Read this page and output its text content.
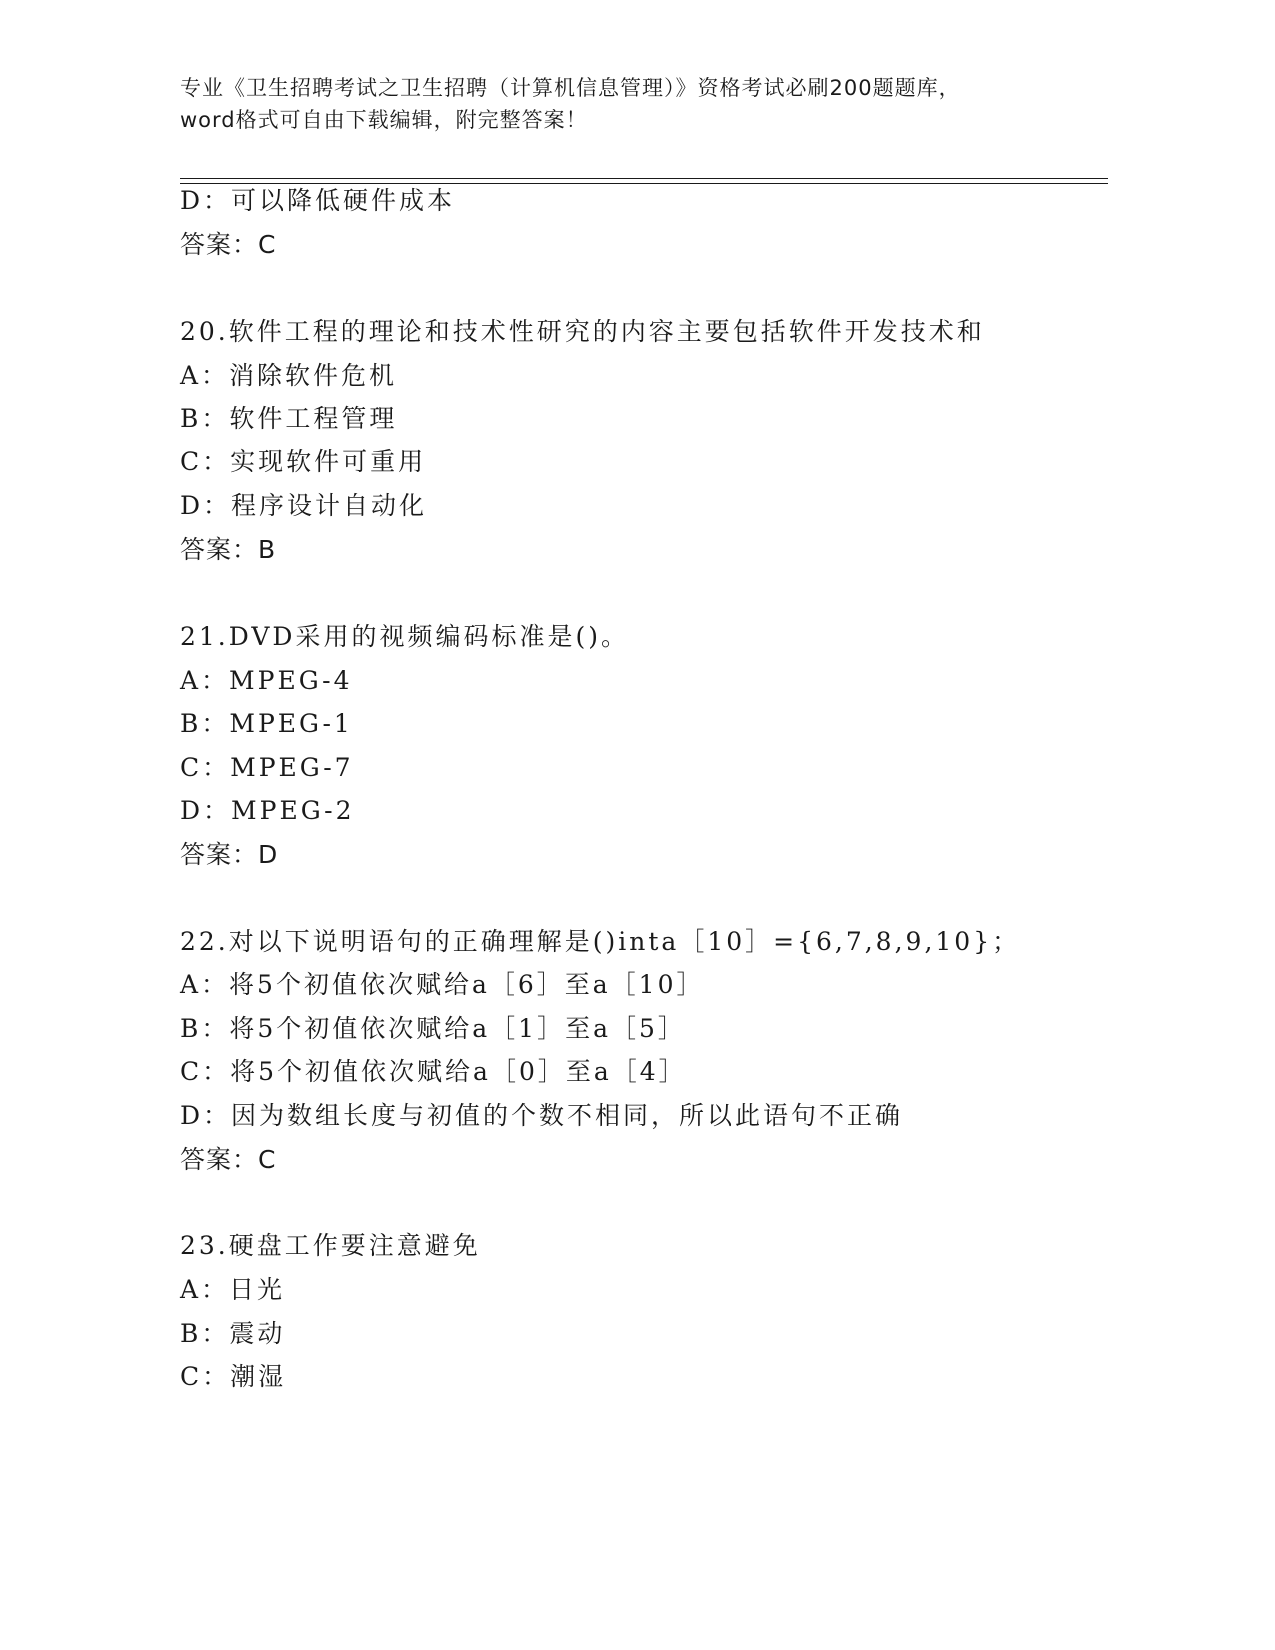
专业《卫生招聘考试之卫生招聘（计算机信息管理）》资格考试必刷200题题库，
word格式可自由下载编辑，附完整答案！
D：可以降低硬件成本
答案：C
20.软件工程的理论和技术性研究的内容主要包括软件开发技术和
A：消除软件危机
B：软件工程管理
C：实现软件可重用
D：程序设计自动化
答案：B
21.DVD采用的视频编码标准是()。
A：MPEG-4
B：MPEG-1
C：MPEG-7
D：MPEG-2
答案：D
22.对以下说明语句的正确理解是()inta［10］={6,7,8,9,10}；
A：将5个初值依次赋给a［6］至a［10］
B：将5个初值依次赋给a［1］至a［5］
C：将5个初值依次赋给a［0］至a［4］
D：因为数组长度与初值的个数不相同，所以此语句不正确
答案：C
23.硬盘工作要注意避免
A：日光
B：震动
C：潮湿
